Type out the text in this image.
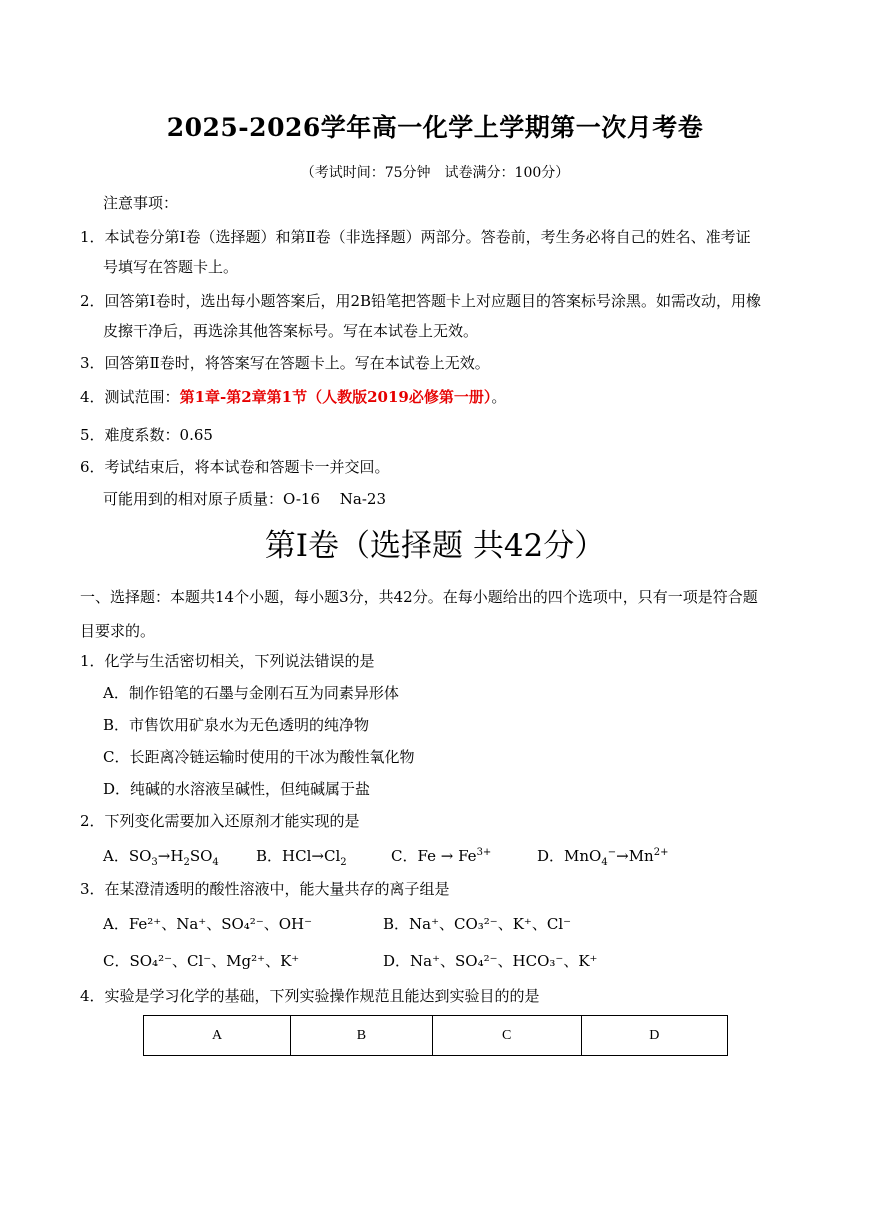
2025-2026学年高一化学上学期第一次月考卷
（考试时间：75分钟　试卷满分：100分）
注意事项：
1．本试卷分第Ⅰ卷（选择题）和第Ⅱ卷（非选择题）两部分。答卷前，考生务必将自己的姓名、准考证
号填写在答题卡上。
2．回答第Ⅰ卷时，选出每小题答案后，用2B铅笔把答题卡上对应题目的答案标号涂黑。如需改动，用橡
皮擦干净后，再选涂其他答案标号。写在本试卷上无效。
3．回答第Ⅱ卷时，将答案写在答题卡上。写在本试卷上无效。
4．测试范围：第1章-第2章第1节（人教版2019必修第一册）。
5．难度系数：0.65
6．考试结束后，将本试卷和答题卡一并交回。
可能用到的相对原子质量：O-16　 Na-23
第Ⅰ卷（选择题 共42分）
一、选择题：本题共14个小题，每小题3分，共42分。在每小题给出的四个选项中，只有一项是符合题
目要求的。
1．化学与生活密切相关，下列说法错误的是
A．制作铅笔的石墨与金刚石互为同素异形体
B．市售饮用矿泉水为无色透明的纯净物
C．长距离冷链运输时使用的干冰为酸性氧化物
D．纯碱的水溶液呈碱性，但纯碱属于盐
2．下列变化需要加入还原剂才能实现的是
A．$SO_3\to H_2SO_4$ B．$HCl\to Cl_2$	C．$Fe \to Fe^{3+}$	D．$MnO_4^-\to Mn^{2+}$
3．在某澄清透明的酸性溶液中，能大量共存的离子组是
A．Fe²⁺、Na⁺、SO₄²⁻、OH⁻	B．Na⁺、CO₃²⁻、K⁺、Cl⁻
C．SO₄²⁻、Cl⁻、Mg²⁺、K⁺	D．Na⁺、SO₄²⁻、HCO₃⁻、K⁺
4．实验是学习化学的基础，下列实验操作规范且能达到实验目的的是
A	B	C	D
